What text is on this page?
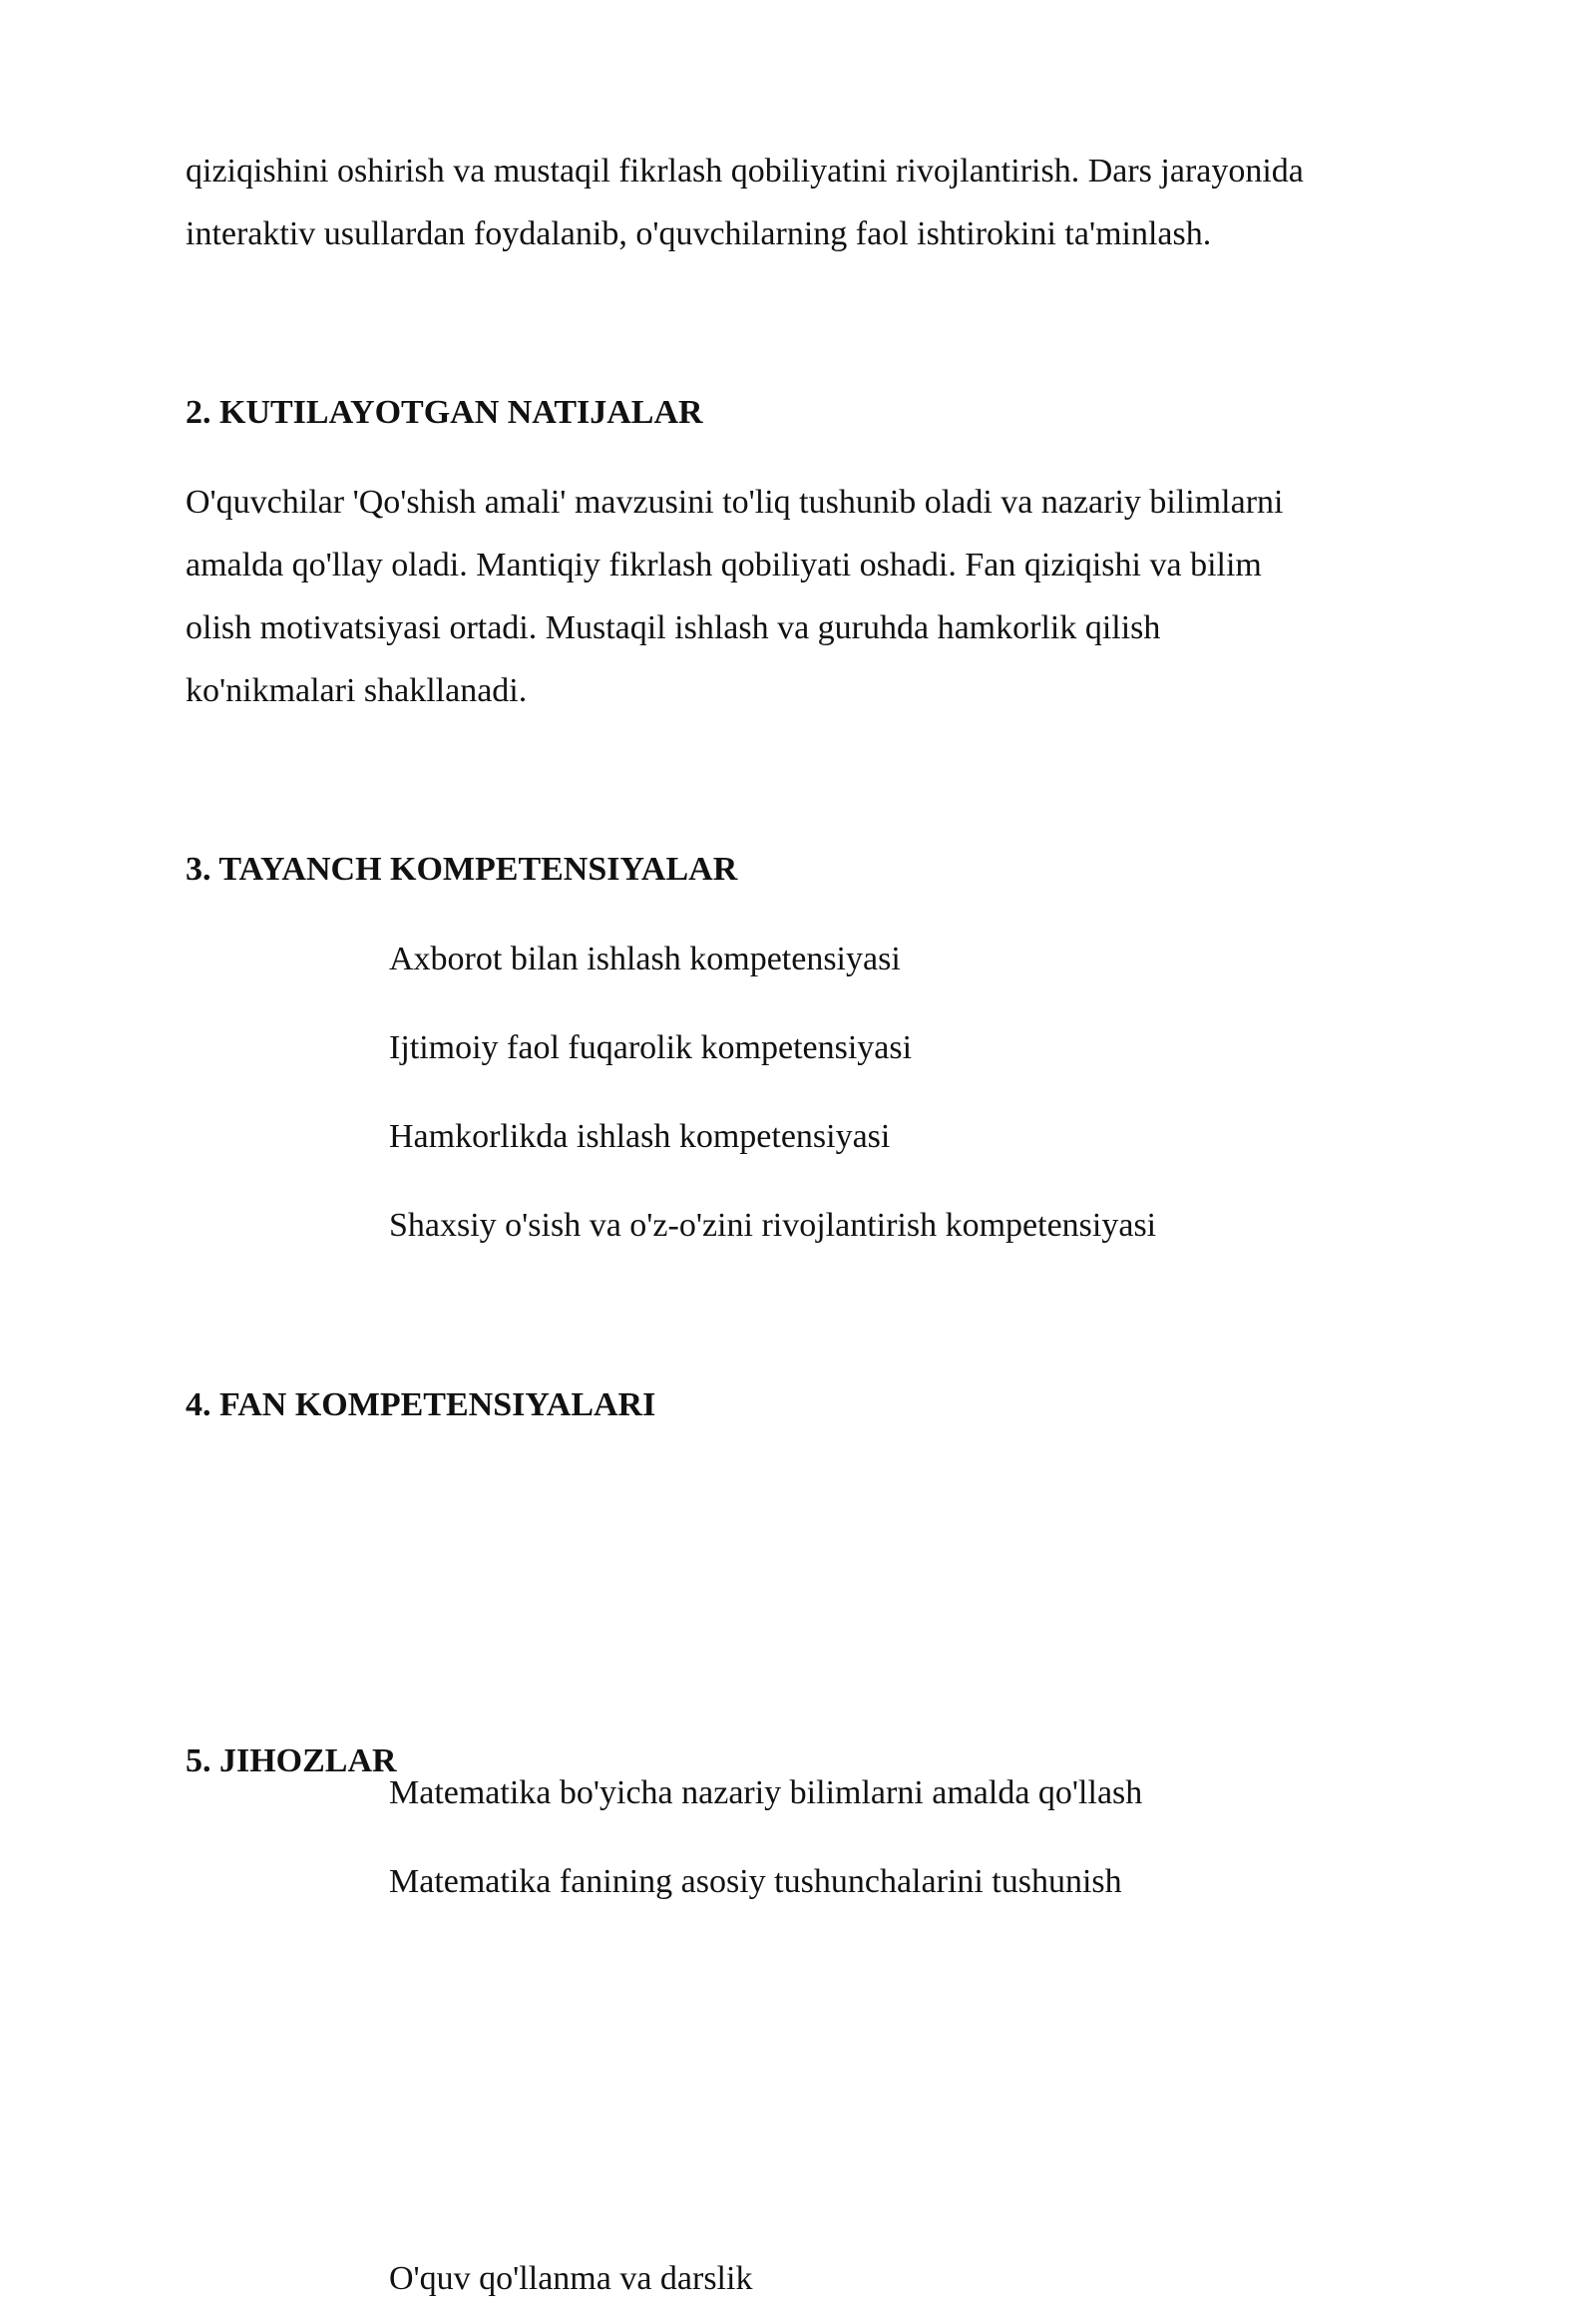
qiziqishini oshirish va mustaqil fikrlash qobiliyatini rivojlantirish. Dars jarayonida

interaktiv usullardan foydalanib, o'quvchilarning faol ishtirokini ta'minlash.

2. KUTILAYOTGAN NATIJALAR

O'quvchilar 'Qo'shish amali' mavzusini to'liq tushunib oladi va nazariy bilimlarni

amalda qo'llay oladi. Mantiqiy fikrlash qobiliyati oshadi. Fan qiziqishi va bilim

olish motivatsiyasi ortadi. Mustaqil ishlash va guruhda hamkorlik qilish

ko'nikmalari shakllanadi.

3. TAYANCH KOMPETENSIYALAR

Axborot bilan ishlash kompetensiyasi

Ijtimoiy faol fuqarolik kompetensiyasi

Hamkorlikda ishlash kompetensiyasi

Shaxsiy o'sish va o'z-o'zini rivojlantirish kompetensiyasi

4. FAN KOMPETENSIYALARI

Matematika bo'yicha nazariy bilimlarni amalda qo'llash

Matematika fanining asosiy tushunchalarini tushunish

5. JIHOZLAR

O'quv qo'llanma va darslik
